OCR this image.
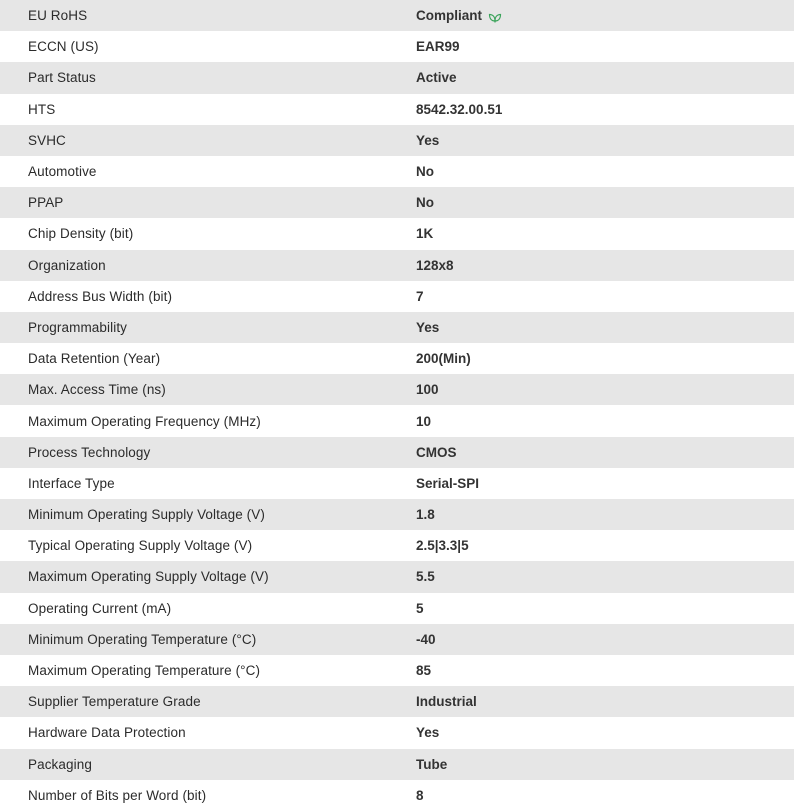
EU RoHS	Compliant
ECCN (US)	EAR99
Part Status	Active
HTS	8542.32.00.51
SVHC	Yes
Automotive	No
PPAP	No
Chip Density (bit)	1K
Organization	128x8
Address Bus Width (bit)	7
Programmability	Yes
Data Retention (Year)	200(Min)
Max. Access Time (ns)	100
Maximum Operating Frequency (MHz)	10
Process Technology	CMOS
Interface Type	Serial-SPI
Minimum Operating Supply Voltage (V)	1.8
Typical Operating Supply Voltage (V)	2.5|3.3|5
Maximum Operating Supply Voltage (V)	5.5
Operating Current (mA)	5
Minimum Operating Temperature (°C)	-40
Maximum Operating Temperature (°C)	85
Supplier Temperature Grade	Industrial
Hardware Data Protection	Yes
Packaging	Tube
Number of Bits per Word (bit)	8
